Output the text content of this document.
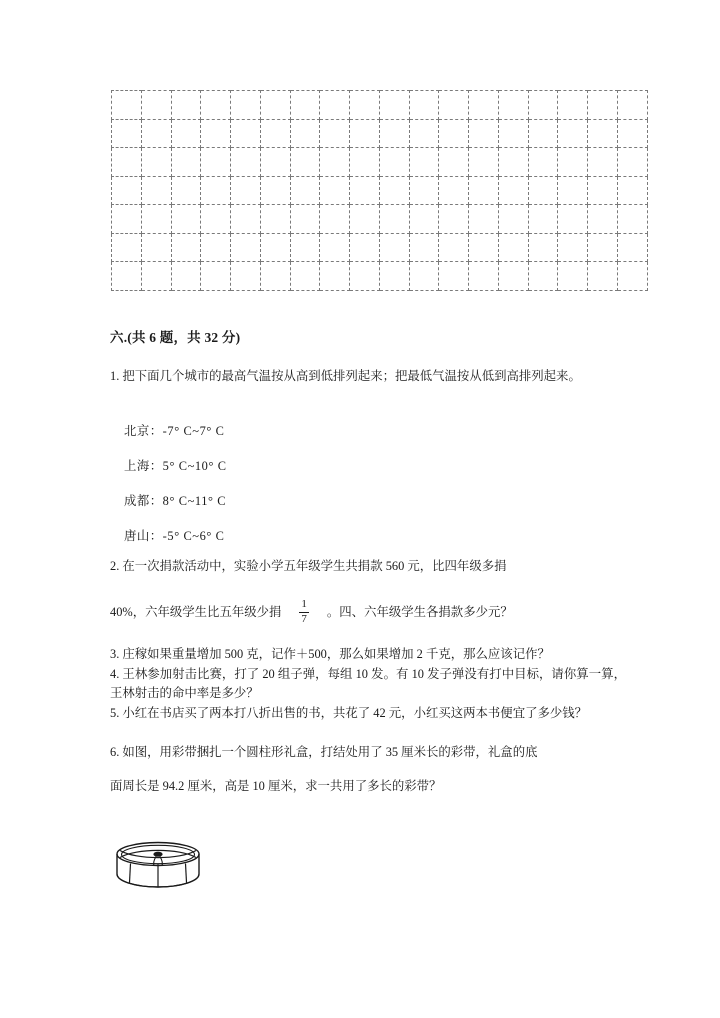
六.(共 6 题，共 32 分)
1. 把下面几个城市的最高气温按从高到低排列起来；把最低气温按从低到高排列起来。
北京：-7° C~7° C
上海：5° C~10° C
成都：8° C~11° C
唐山：-5° C~6° C
2. 在一次捐款活动中，实验小学五年级学生共捐款 560 元，比四年级多捐
40%，六年级学生比五年级少捐 $\frac{1}{7}$ 。四、六年级学生各捐款多少元？
3. 庄稼如果重量增加 500 克，记作＋500，那么如果增加 2 千克，那么应该记作？
4. 王林参加射击比赛，打了 20 组子弹，每组 10 发。有 10 发子弹没有打中目标，请你算一算，王林射击的命中率是多少？
5. 小红在书店买了两本打八折出售的书，共花了 42 元，小红买这两本书便宜了多少钱？
6. 如图，用彩带捆扎一个圆柱形礼盒，打结处用了 35 厘米长的彩带，礼盒的底
面周长是 94.2 厘米，高是 10 厘米，求一共用了多长的彩带？
